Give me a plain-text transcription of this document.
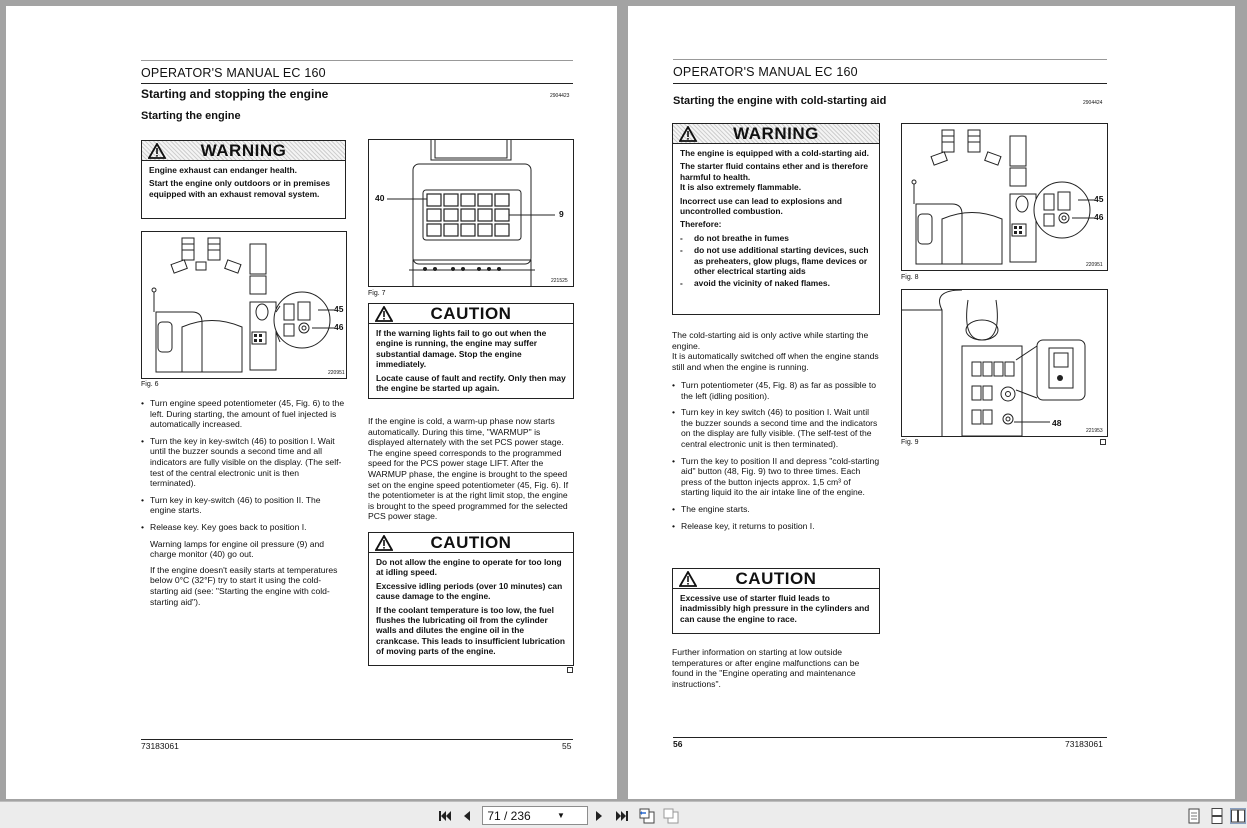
OPERATOR'S MANUAL EC 160
Starting and stopping the engine	2904423
Starting the engine
WARNING

Engine exhaust can endanger health.

Start the engine only outdoors or in premises equipped with an exhaust removal system.

45
46
220951
Fig. 6
• Turn engine speed potentiometer (45, Fig. 6) to the left. During starting, the amount of fuel injected is automatically increased.
• Turn the key in key-switch (46) to position I. Wait until the buzzer sounds a second time and all indicators are fully visible on the display. (The self-test of the central electronic unit is then terminated).
• Turn key in key-switch (46) to position II. The engine starts.
• Release key. Key goes back to position I.

Warning lamps for engine oil pressure (9) and charge monitor (40) go out.

If the engine doesn't easily starts at temperatures below 0°C (32°F) try to start it using the cold-starting aid (see: "Starting the engine with cold-starting aid").

40
9
221525
Fig. 7
CAUTION

If the warning lights fail to go out when the engine is running, the engine may suffer substantial damage. Stop the engine immediately.

Locate cause of fault and rectify. Only then may the engine be started up again.

If the engine is cold, a warm-up phase now starts automatically. During this time, "WARMUP" is displayed alternately with the set PCS power stage. The engine speed corresponds to the programmed speed for the PCS power stage LIFT. After the WARMUP phase, the engine is brought to the speed set on the engine speed potentiometer (45, Fig. 6). If the potentiometer is at the right limit stop, the engine is brought to the speed programmed for the selected PCS power stage.
CAUTION

Do not allow the engine to operate for too long at idling speed.

Excessive idling periods (over 10 minutes) can cause damage to the engine.

If the coolant temperature is too low, the fuel flushes the lubricating oil from the cylinder walls and dilutes the engine oil in the crankcase. This leads to insufficient lubrication of moving parts of the engine.

73183061	55
OPERATOR'S MANUAL EC 160
Starting the engine with cold-starting aid	2904424
WARNING

The engine is equipped with a cold-starting aid.

The starter fluid contains ether and is therefore harmful to health.

It is also extremely flammable.

Incorrect use can lead to explosions and uncontrolled combustion.

Therefore:

- do not breathe in fumes
- do not use additional starting devices, such as preheaters, glow plugs, flame devices or other electrical starting aids
- avoid the vicinity of naked flames.

The cold-starting aid is only active while starting the engine.

It is automatically switched off when the engine stands still and when the engine is running.

• Turn potentiometer (45, Fig. 8) as far as possible to the left (idling position).
• Turn key in key switch (46) to position I. Wait until the buzzer sounds a second time and the indicators on the display are fully visible. (The self-test of the central electronic unit is then terminated).
• Turn the key to position II and depress "cold-starting aid" button (48, Fig. 9) two to three times. Each press of the button injects approx. 1,5 cm³ of starting liquid ito the air intake line of the engine.
• The engine starts.
• Release key, it returns to position I.
CAUTION

Excessive use of starter fluid leads to inadmissibly high pressure in the cylinders and can cause the engine to race.

Further information on starting at low outside temperatures or after engine malfunctions can be found in the "Engine operating and maintenance instructions".
45
46
220951
Fig. 8
48
221953
Fig. 9
56	73183061
71 / 236	▼
